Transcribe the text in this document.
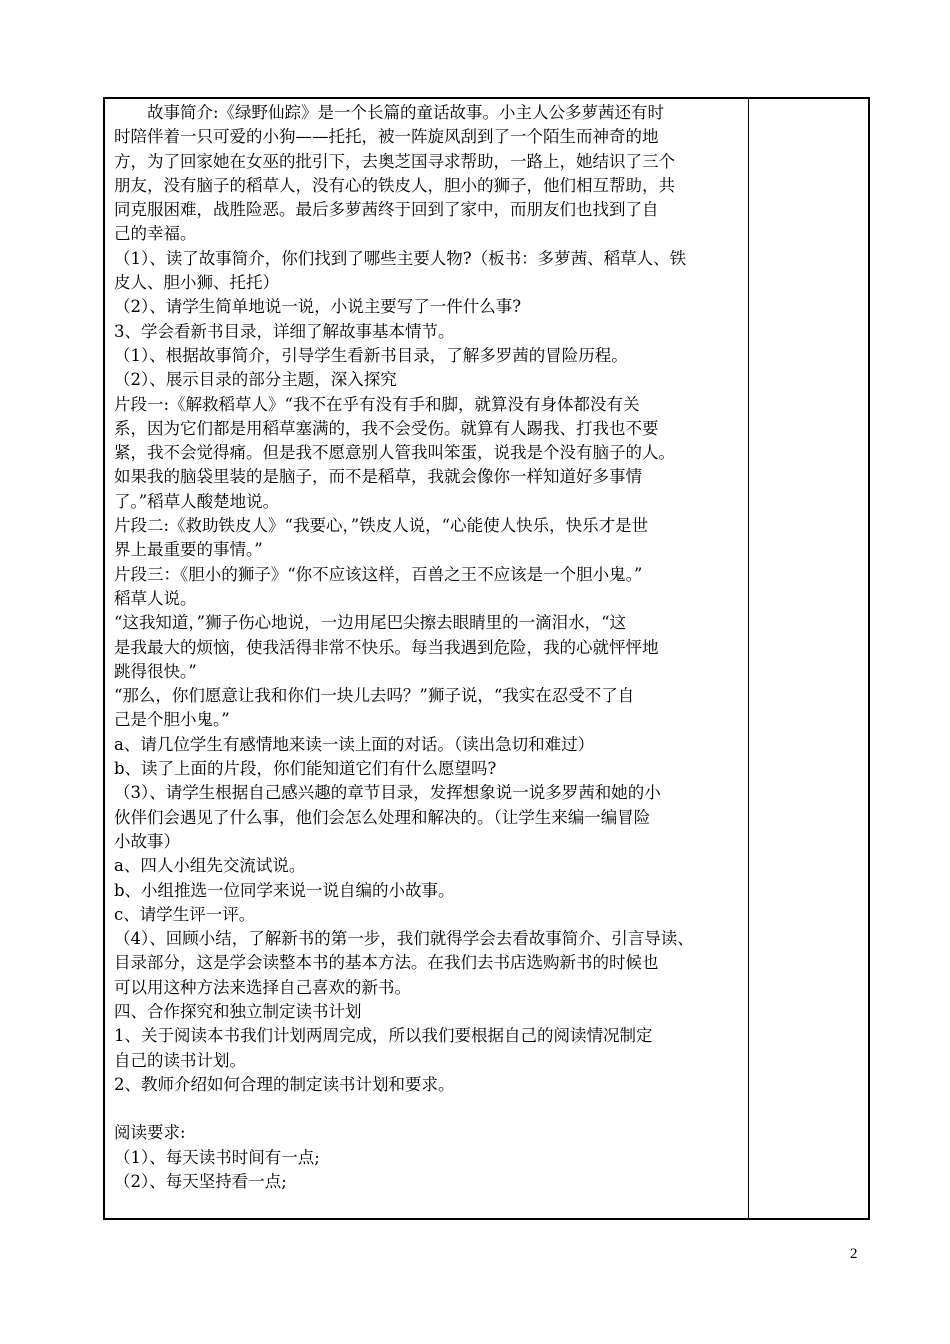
　　故事简介:《绿野仙踪》是一个长篇的童话故事。小主人公多萝茜还有时
时陪伴着一只可爱的小狗——托托，被一阵旋风刮到了一个陌生而神奇的地
方，为了回家她在女巫的批引下，去奥芝国寻求帮助，一路上，她结识了三个
朋友，没有脑子的稻草人，没有心的铁皮人，胆小的狮子，他们相互帮助，共
同克服困难，战胜险恶。最后多萝茜终于回到了家中，而朋友们也找到了自
己的幸福。
（1）、读了故事简介，你们找到了哪些主要人物?（板书：多萝茜、稻草人、铁
皮人、胆小狮、托托）
（2）、请学生简单地说一说，小说主要写了一件什么事?
3、学会看新书目录，详细了解故事基本情节。
（1）、根据故事简介，引导学生看新书目录，了解多罗茜的冒险历程。
（2）、展示目录的部分主题，深入探究
片段一:《解救稻草人》“我不在乎有没有手和脚，就算没有身体都没有关
系，因为它们都是用稻草塞满的，我不会受伤。就算有人踢我、打我也不要
紧，我不会觉得痛。但是我不愿意别人管我叫笨蛋，说我是个没有脑子的人。
如果我的脑袋里装的是脑子，而不是稻草，我就会像你一样知道好多事情
了。”稻草人酸楚地说。
片段二:《救助铁皮人》“我要心，”铁皮人说，“心能使人快乐，快乐才是世
界上最重要的事情。”
片段三：《胆小的狮子》“你不应该这样，百兽之王不应该是一个胆小鬼。”
稻草人说。
“这我知道，”狮子伤心地说，一边用尾巴尖擦去眼睛里的一滴泪水，“这
是我最大的烦恼，使我活得非常不快乐。每当我遇到危险，我的心就怦怦地
跳得很快。”
“那么，你们愿意让我和你们一块儿去吗？”狮子说，“我实在忍受不了自
己是个胆小鬼。”
a、请几位学生有感情地来读一读上面的对话。（读出急切和难过）
b、读了上面的片段，你们能知道它们有什么愿望吗?
（3）、请学生根据自己感兴趣的章节目录，发挥想象说一说多罗茜和她的小
伙伴们会遇见了什么事，他们会怎么处理和解决的。（让学生来编一编冒险
小故事）
a、四人小组先交流试说。
b、小组推选一位同学来说一说自编的小故事。
c、请学生评一评。
（4）、回顾小结，了解新书的第一步，我们就得学会去看故事简介、引言导读、
目录部分，这是学会读整本书的基本方法。在我们去书店选购新书的时候也
可以用这种方法来选择自己喜欢的新书。
四、合作探究和独立制定读书计划
1、关于阅读本书我们计划两周完成，所以我们要根据自己的阅读情况制定
自己的读书计划。
2、教师介绍如何合理的制定读书计划和要求。
阅读要求:
（1）、每天读书时间有一点;
（2）、每天坚持看一点;
2
